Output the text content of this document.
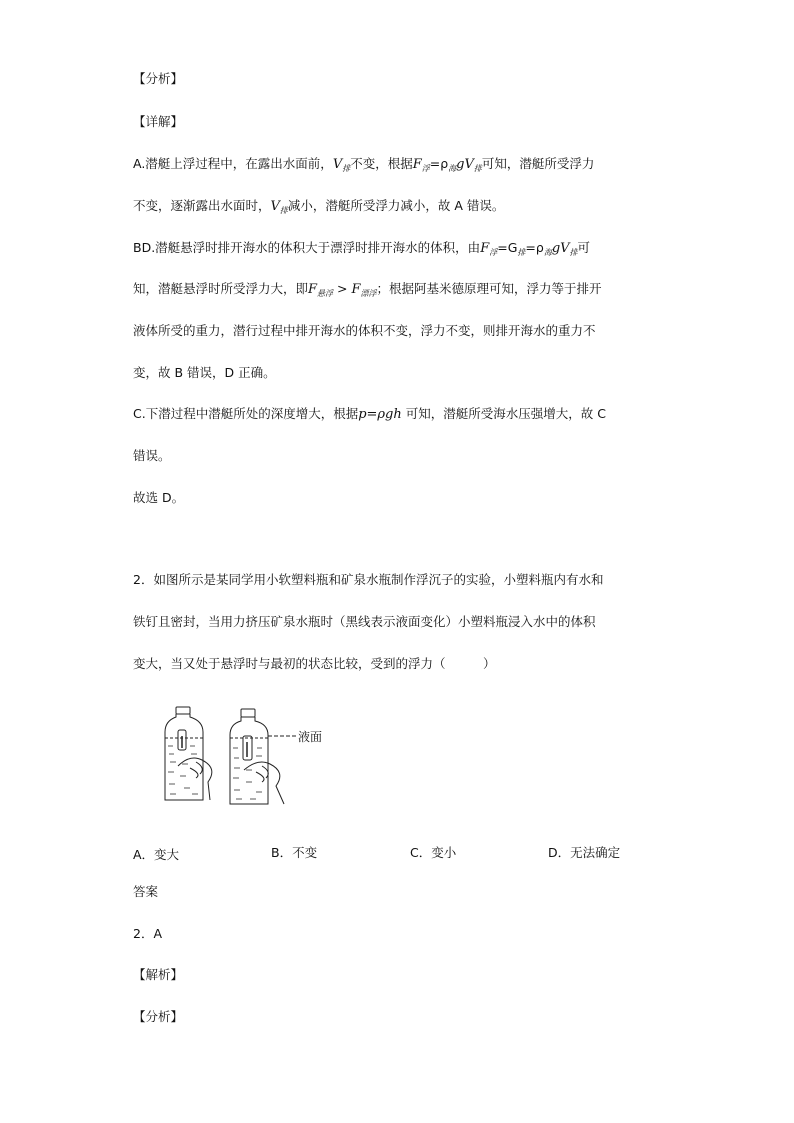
【分析】
【详解】
A.潜艇上浮过程中，在露出水面前，$V_排$不变，根据$F_浮=\rho_海gV_排$可知，潜艇所受浮力
不变，逐渐露出水面时，$V_排$减小，潜艇所受浮力减小，故 A 错误。
BD.潜艇悬浮时排开海水的体积大于漂浮时排开海水的体积，由$F_浮=G_排=\rho_海gV_排$可
知，潜艇悬浮时所受浮力大，即$F_{悬浮} > F_{漂浮}$；根据阿基米德原理可知，浮力等于排开
液体所受的重力，潜行过程中排开海水的体积不变，浮力不变，则排开海水的重力不
变，故 B 错误，D 正确。
C.下潜过程中潜艇所处的深度增大，根据p=ρgh 可知，潜艇所受海水压强增大，故 C
错误。
故选 D。
2．如图所示是某同学用小软塑料瓶和矿泉水瓶制作浮沉子的实验，小塑料瓶内有水和
铁钉且密封，当用力挤压矿泉水瓶时（黑线表示液面变化）小塑料瓶浸入水中的体积
变大，当又处于悬浮时与最初的状态比较，受到的浮力（　　　）
液面
A．变大	B．不变	C．变小	D．无法确定
答案
2．A
【解析】
【分析】
